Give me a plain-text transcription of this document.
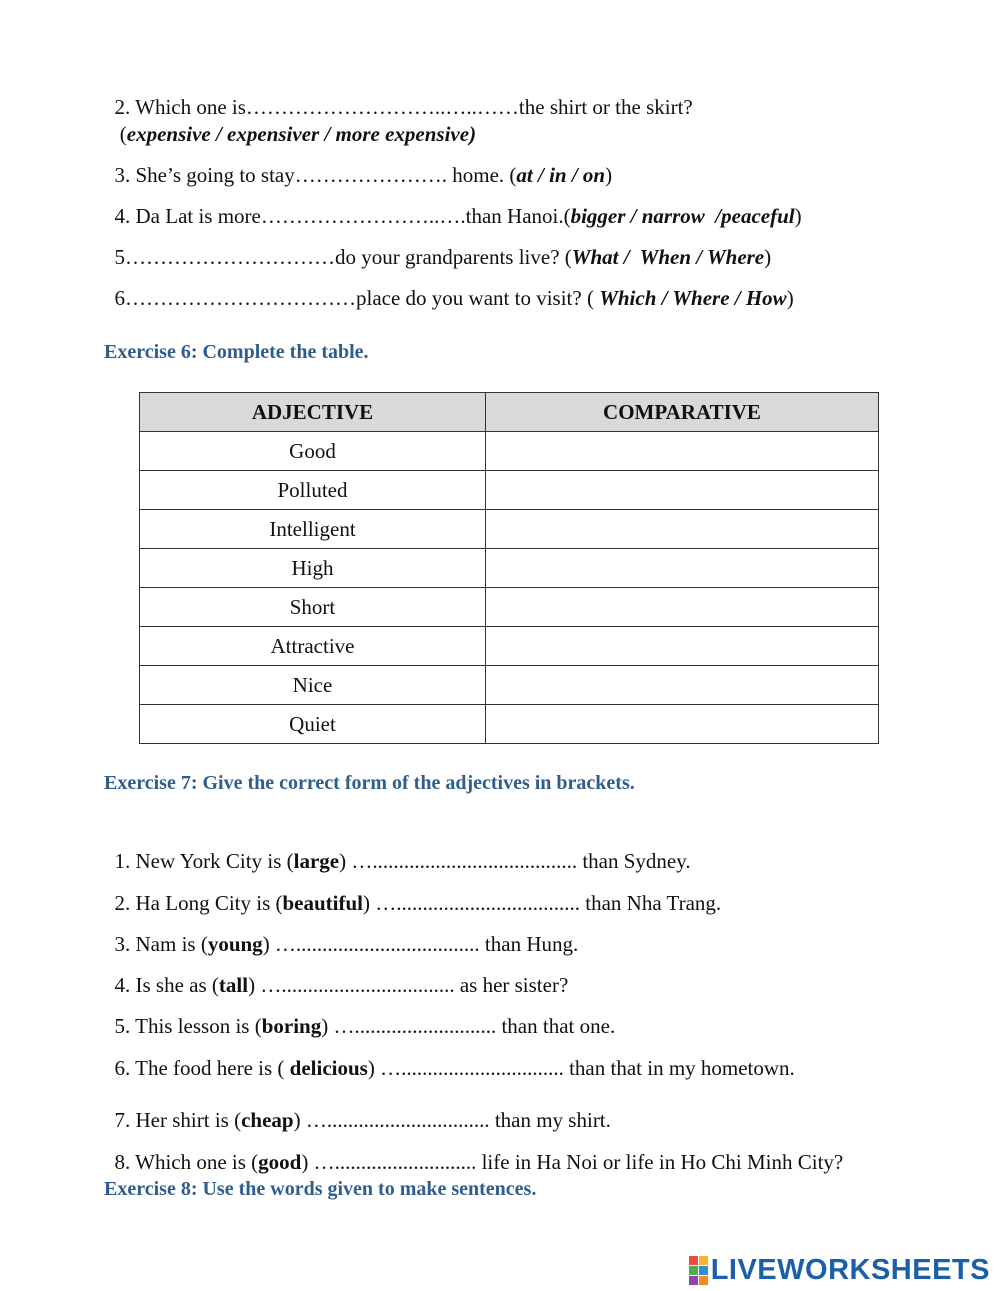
2. Which one is………………………..…..……the shirt or the skirt?

(expensive / expensiver / more expensive)

3. She’s going to stay…………………. home. (at / in / on)

4. Da Lat is more……………………..….than Hanoi.(bigger / narrow  /peaceful)

5…………………………do your grandparents live? (What /  When / Where)

6……………………………place do you want to visit? ( Which / Where / How)

Exercise 6: Complete the table.
ADJECTIVE	COMPARATIVE
Good	
Polluted	
Intelligent	
High	
Short	
Attractive	
Nice	
Quiet	
Exercise 7: Give the correct form of the adjectives in brackets.

1. New York City is (large) …....................................... than Sydney.

2. Ha Long City is (beautiful) …................................... than Nha Trang.

3. Nam is (young) …................................... than Hung.

4. Is she as (tall) …................................. as her sister?

5. This lesson is (boring) …........................... than that one.

6. The food here is ( delicious) …............................... than that in my hometown.

7. Her shirt is (cheap) …............................... than my shirt.

8. Which one is (good) …........................... life in Ha Noi or life in Ho Chi Minh City?

Exercise 8: Use the words given to make sentences.
LIVEWORKSHEETS
